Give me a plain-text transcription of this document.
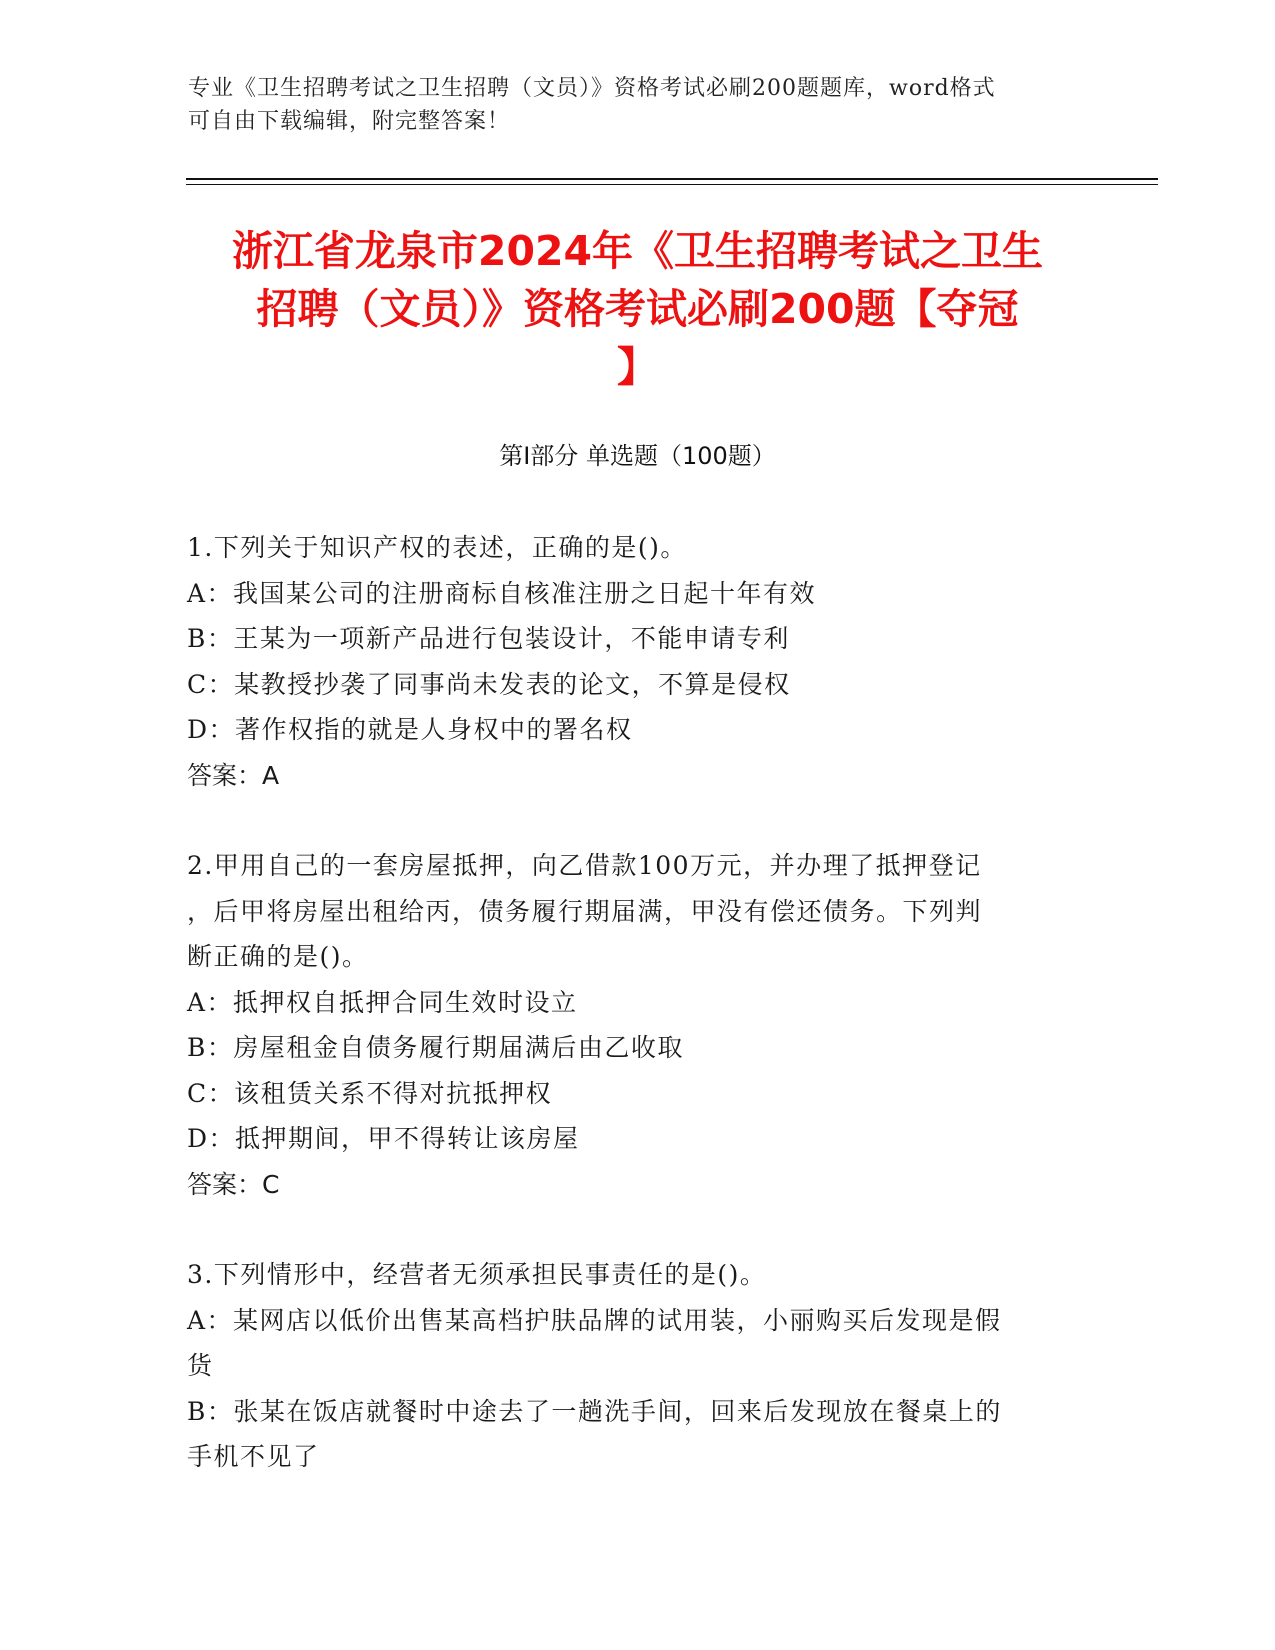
专业《卫生招聘考试之卫生招聘（文员）》资格考试必刷200题题库，word格式
可自由下载编辑，附完整答案！
浙江省龙泉市2024年《卫生招聘考试之卫生
招聘（文员）》资格考试必刷200题【夺冠
】
第Ⅰ部分 单选题（100题）
1.下列关于知识产权的表述，正确的是()。
A：我国某公司的注册商标自核准注册之日起十年有效
B：王某为一项新产品进行包装设计，不能申请专利
C：某教授抄袭了同事尚未发表的论文，不算是侵权
D：著作权指的就是人身权中的署名权
答案：A
2.甲用自己的一套房屋抵押，向乙借款100万元，并办理了抵押登记
，后甲将房屋出租给丙，债务履行期届满，甲没有偿还债务。下列判
断正确的是()。
A：抵押权自抵押合同生效时设立
B：房屋租金自债务履行期届满后由乙收取
C：该租赁关系不得对抗抵押权
D：抵押期间，甲不得转让该房屋
答案：C
3.下列情形中，经营者无须承担民事责任的是()。
A：某网店以低价出售某高档护肤品牌的试用装，小丽购买后发现是假
货
B：张某在饭店就餐时中途去了一趟洗手间，回来后发现放在餐桌上的
手机不见了
